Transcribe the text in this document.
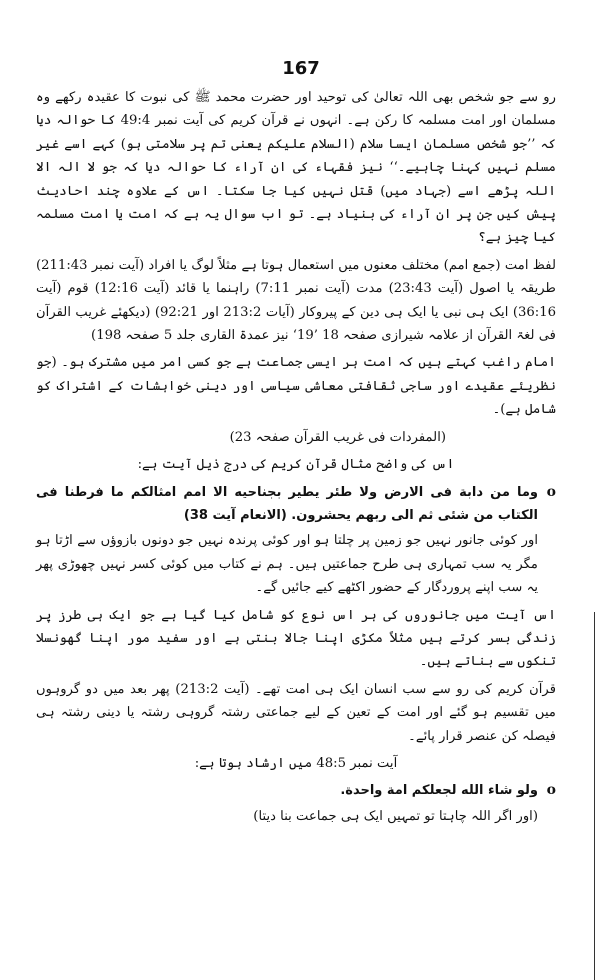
167

رو سے جو شخص بھی اللہ تعالیٰ کی توحید اور حضرت محمد ﷺ کی نبوت کا عقیدہ رکھے وہ مسلمان اور امت مسلمہ کا رکن ہے۔ انہوں نے قرآن کریم کی آیت نمبر 49:4 کا حوالہ دیا کہ ’’جو شخص مسلمان ایسا سلام (السلام علیکم یعنی تم پر سلامتی ہو) کہے اسے غیر مسلم نہیں کہنا چاہیے۔‘‘ نیز فقہاء کی ان آراء کا حوالہ دیا کہ جو لا الہ الا اللہ پڑھے اسے (جہاد میں) قتل نہیں کیا جا سکتا۔ اس کے علاوہ چند احادیث پیش کیں جن پر ان آراء کی بنیاد ہے۔ تو اب سوال یہ ہے کہ امت یا امت مسلمہ کیا چیز ہے؟

لفظ امت (جمع امم) مختلف معنوں میں استعمال ہوتا ہے مثلاً لوگ یا افراد (آیت نمبر 211:43) طریقہ یا اصول (آیت 23:43) مدت (آیت نمبر 7:11) راہنما یا قائد (آیت 12:16) قوم (آیت 36:16) ایک ہی نبی یا ایک ہی دین کے پیروکار (آیات 213:2 اور 92:21) (دیکھئے غریب القرآن فی لغۃ القرآن از علامہ شیرازی صفحہ 18 ’19‘ نیز عمدۃ القاری جلد 5 صفحہ 198)

امام راغب کہتے ہیں کہ امت ہر ایسی جماعت ہے جو کسی امر میں مشترک ہو۔ (جو نظریئے عقیدے اور ساجی ثقافتی معاشی سیاسی اور دینی خواہشات کے اشتراک کو شامل ہے)۔

(المفردات فی غریب القرآن صفحہ 23)

اس کی واضح مثال قرآن کریم کی درج ذیل آیت ہے:

o
وما من دابة فی الارض ولا طئر یطیر بجناحیه الا امم امثالکم ما فرطنا فی الکتاب من شئی ثم الی ربهم یحشرون. (الانعام آیت 38)

اور کوئی جانور نہیں جو زمین پر چلتا ہو اور کوئی پرندہ نہیں جو دونوں بازوؤں سے اڑتا ہو مگر یہ سب تمہاری ہی طرح جماعتیں ہیں۔ ہم نے کتاب میں کوئی کسر نہیں چھوڑی پھر یہ سب اپنے پروردگار کے حضور اکٹھے کیے جائیں گے۔

اس آیت میں جانوروں کی ہر اس نوع کو شامل کیا گیا ہے جو ایک ہی طرز پر زندگی بسر کرتے ہیں مثلاً مکڑی اپنا جالا بنتی ہے اور سفید مور اپنا گھونسلا تنکوں سے بناتے ہیں۔

قرآن کریم کی رو سے سب انسان ایک ہی امت تھے۔ (آیت 213:2) پھر بعد میں دو گروہوں میں تقسیم ہو گئے اور امت کے تعین کے لیے جماعتی رشتہ گروہی رشتہ یا دینی رشتہ ہی فیصلہ کن عنصر قرار پائے۔

آیت نمبر 48:5 میں ارشاد ہوتا ہے:

o
ولو شاء الله لجعلكم امة واحدة.

(اور اگر اللہ چاہتا تو تمہیں ایک ہی جماعت بنا دیتا)
